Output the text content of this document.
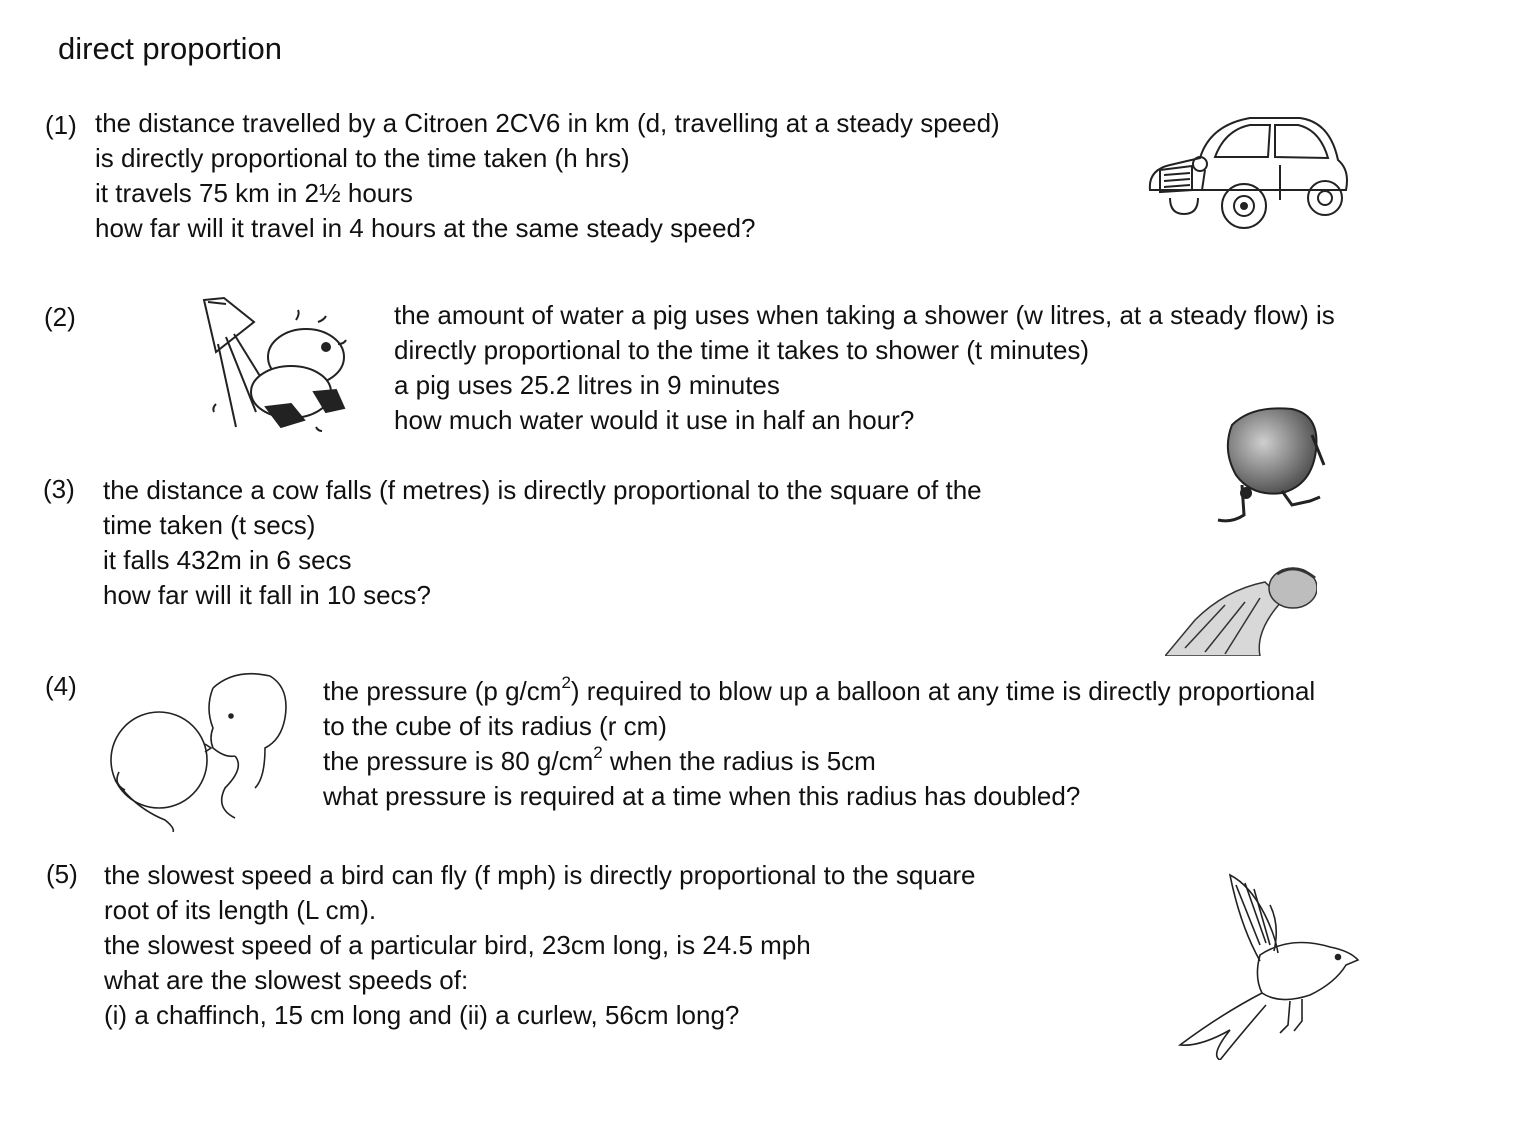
direct proportion
(1) the distance travelled by a Citroen 2CV6 in km (d, travelling at a steady speed)
is directly proportional to the time taken (h hrs)
it travels 75 km in 2½ hours
how far will it travel in 4 hours at the same steady speed?
(2)	the amount of water a pig uses when taking a shower (w litres, at a steady flow) is
directly proportional to the time it takes to shower (t minutes)
a pig uses 25.2 litres in 9 minutes
how much water would it use in half an hour?
(3) the distance a cow falls (f metres) is directly proportional to the square of the
time taken (t secs)
it falls 432m in 6 secs
how far will it fall in 10 secs?
(4)	the pressure (p $g/cm^2$) required to blow up a balloon at any time is directly proportional
to the cube of its radius (r cm)
the pressure is 80 $g/cm^2$ when the radius is 5cm
what pressure is required at a time when this radius has doubled?
(5) the slowest speed a bird can fly (f mph) is directly proportional to the square
root of its length (L cm).
the slowest speed of a particular bird, 23cm long, is 24.5 mph
what are the slowest speeds of:
(i) a chaffinch, 15 cm long and (ii) a curlew, 56cm long?
